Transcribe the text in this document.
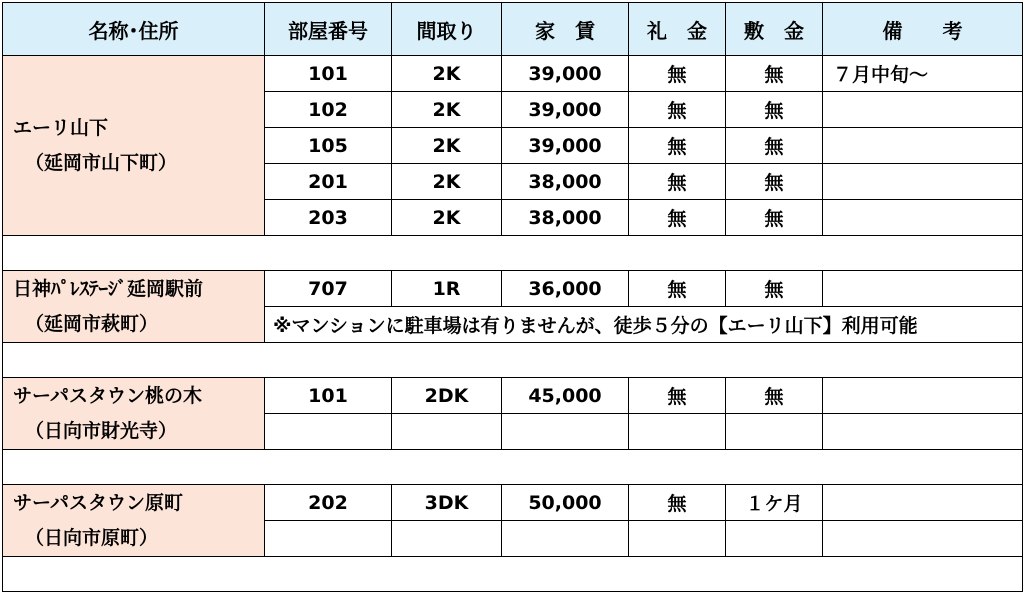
名称･住所	部屋番号	間取り	家　賃	礼　金	敷　金	備　　考
エーリ山下
（延岡市山下町）	101	2K	39,000	無	無	７月中旬～
	102	2K	39,000	無	無	
	105	2K	39,000	無	無	
	201	2K	38,000	無	無	
	203	2K	38,000	無	無	

日神ﾊﾟﾚｽﾃｰｼﾞ延岡駅前
（延岡市萩町）	707	1R	36,000	無	無	
	※マンションに駐車場は有りませんが、徒歩５分の【エーリ山下】利用可能					

サーパスタウン桃の木
（日向市財光寺）	101	2DK	45,000	無	無	

サーパスタウン原町
（日向市原町）	202	3DK	50,000	無	１ケ月	
